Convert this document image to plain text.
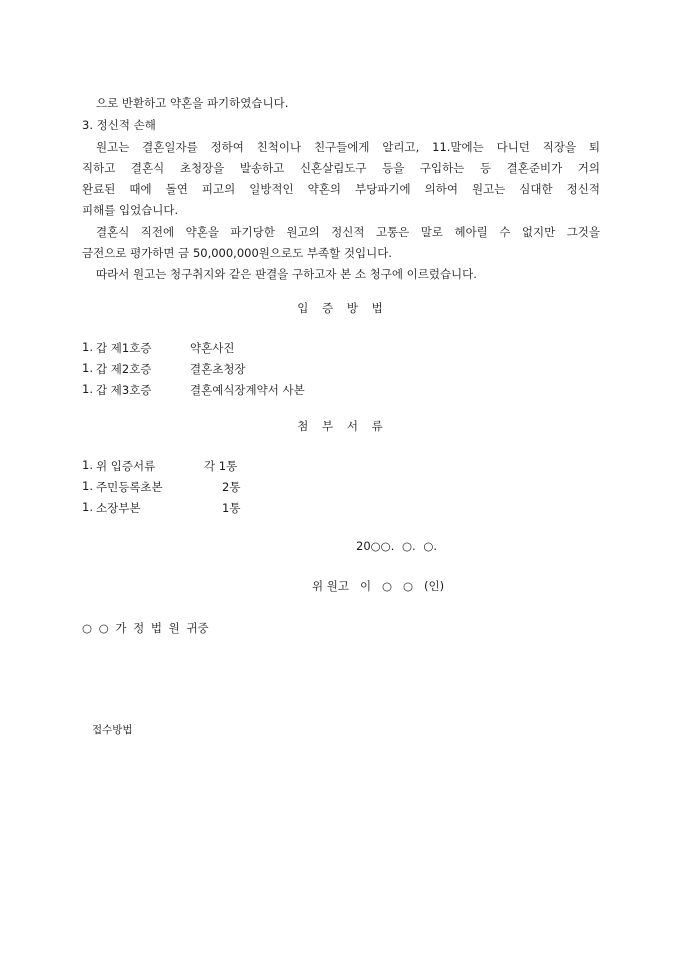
으로 반환하고 약혼을 파기하였습니다.
3. 정신적 손해
원고는 결혼일자를 정하여 친척이나 친구들에게 알리고, 11.말에는 다니던 직장을 퇴
직하고 결혼식 초청장을 발송하고 신혼살림도구 등을 구입하는 등 결혼준비가 거의
완료된 때에 돌연 피고의 일방적인 약혼의 부당파기에 의하여 원고는 심대한 정신적
피해를 입었습니다.
결혼식 직전에 약혼을 파기당한 원고의 정신적 고통은 말로 헤아릴 수 없지만 그것을
금전으로 평가하면 금 50,000,000원으로도 부족할 것입니다.
따라서 원고는 청구취지와 같은 판결을 구하고자 본 소 청구에 이르렀습니다.
입 증 방 법
1. 갑 제1호증	약혼사진
1. 갑 제2호증	결혼초청장
1. 갑 제3호증	결혼예식장계약서 사본
첨 부 서 류
1. 위 입증서류	각 1통
1. 주민등록초본	2통
1. 소장부본	1통
20○○. ○. ○.
위 원고   이   ○   ○   (인)
○ ○ 가 정 법 원 귀중
접수방법
